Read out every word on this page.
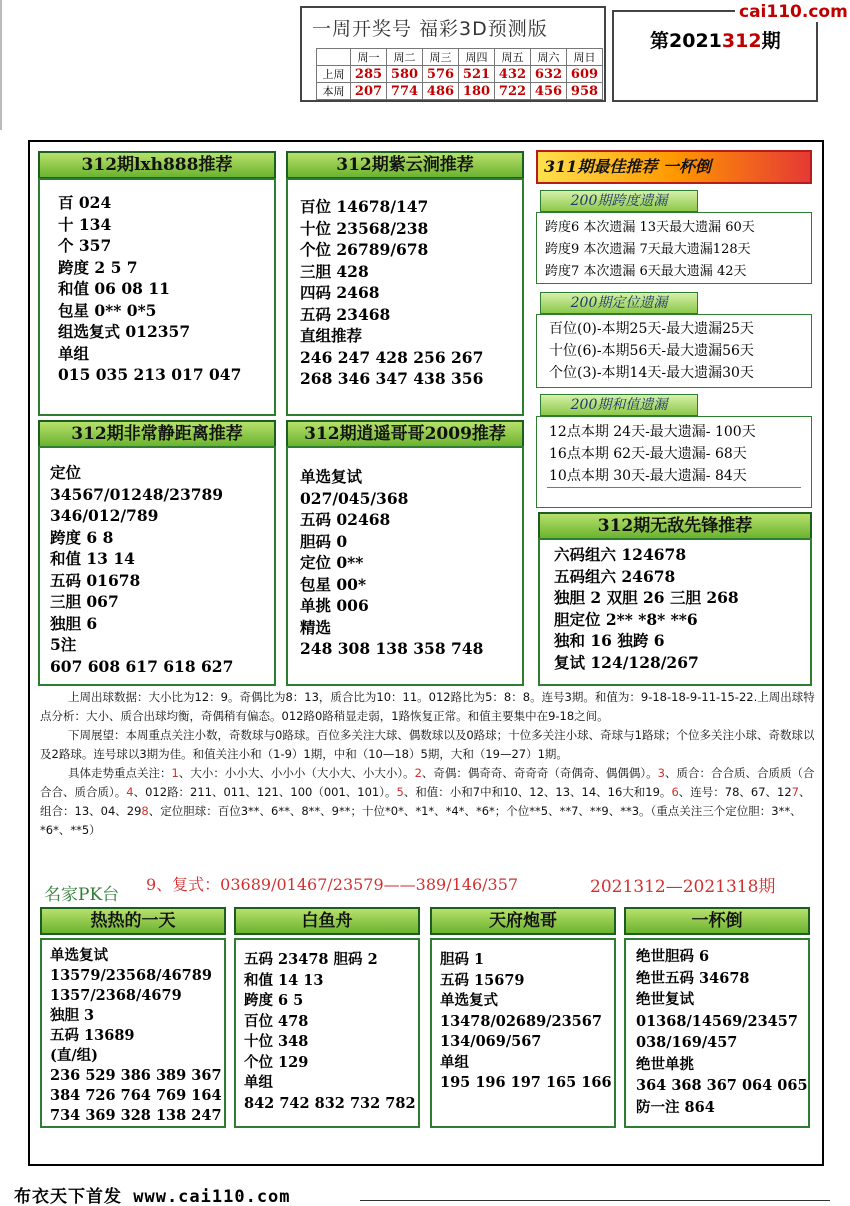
一周开奖号 福彩3D预测版
	周一	周二	周三	周四	周五	周六	周日
上周	285	580	576	521	432	632	609
本周	207	774	486	180	722	456	958
第2021312期
cai110.com
312期lxh888推荐
百 024
十 134
个 357
跨度 2 5 7
和值 06 08 11
包星 0** 0*5
组选复式 012357
单组
015 035 213 017 047
312期紫云涧推荐
百位 14678/147
十位 23568/238
个位 26789/678
三胆 428
四码 2468
五码 23468
直组推荐
246 247 428 256 267
268 346 347 438 356
312期非常静距离推荐
定位
34567/01248/23789
346/012/789
跨度 6 8
和值 13 14
五码 01678
三胆 067
独胆 6
5注
607 608 617 618 627
312期逍遥哥哥2009推荐
单选复试
027/045/368
五码 02468
胆码 0
定位 0**
包星 00*
单挑 006
精选
248 308 138 358 748
311期最佳推荐 一杯倒
200期跨度遗漏
跨度6 本次遗漏 13天最大遗漏 60天
跨度9 本次遗漏 7天最大遗漏128天
跨度7 本次遗漏 6天最大遗漏 42天
200期定位遗漏
百位(0)-本期25天-最大遗漏25天
十位(6)-本期56天-最大遗漏56天
个位(3)-本期14天-最大遗漏30天
200期和值遗漏
12点本期 24天-最大遗漏- 100天
16点本期 62天-最大遗漏- 68天
10点本期 30天-最大遗漏- 84天
312期无敌先锋推荐
六码组六 124678
五码组六 24678
独胆 2 双胆 26 三胆 268
胆定位 2** *8* **6
独和 16 独跨 6
复试 124/128/267

上周出球数据：大小比为12：9。奇偶比为8：13，质合比为10：11。012路比为5：8：8。连号3期。和值为：9-18-18-9-11-15-22.上周出球特点分析：大小、质合出球均衡，奇偶稍有偏态。012路0路稍显走弱，1路恢复正常。和值主要集中在9-18之间。

下周展望：本周重点关注小数，奇数球与0路球。百位多关注大球、偶数球以及0路球；十位多关注小球、奇球与1路球；个位多关注小球、奇数球以及2路球。连号球以3期为佳。和值关注小和（1-9）1期，中和（10—18）5期，大和（19—27）1期。

具体走势重点关注：1、大小：小小大、小小小（大小大、小大小）。2、奇偶：偶奇奇、奇奇奇（奇偶奇、偶偶偶）。3、质合：合合质、合质质（合合合、质合质）。4、012路：211、011、121、100（001、101）。5、和值：小和7中和10、12、13、14、16大和19。6、连号：78、67、127、组合：13、04、298、定位胆球：百位3**、6**、8**、9**；十位*0*、*1*、*4*、*6*；个位**5、**7、**9、**3。（重点关注三个定位胆：3**、*6*、**5）

名家PK台
9、复式：03689/01467/23579——389/146/357	2021312—2021318期
热热的一天
单选复试
13579/23568/46789
1357/2368/4679
独胆 3
五码 13689
(直/组)
236 529 386 389 367
384 726 764 769 164
734 369 328 138 247
白鱼舟
五码 23478 胆码 2
和值 14 13
跨度 6 5
百位 478
十位 348
个位 129
单组
842 742 832 732 782
天府炮哥
胆码 1
五码 15679
单选复式
13478/02689/23567
134/069/567
单组
195 196 197 165 166
一杯倒
绝世胆码 6
绝世五码 34678
绝世复试
01368/14569/23457
038/169/457
绝世单挑
364 368 367 064 065
防一注 864
布衣天下首发 www.cai110.com
